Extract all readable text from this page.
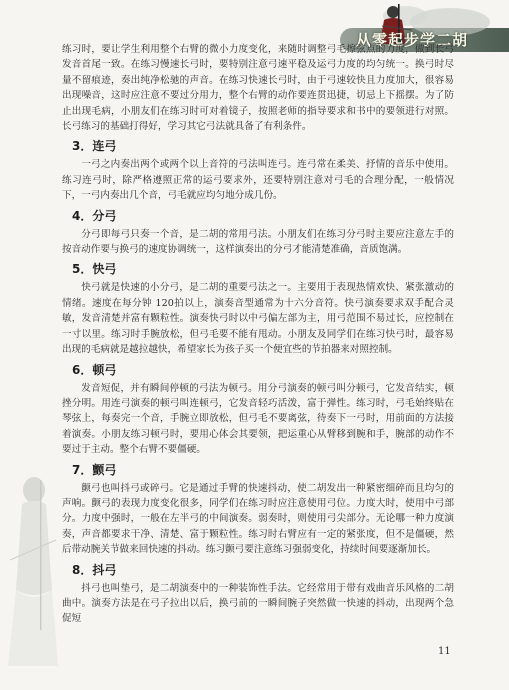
从零起步学二胡

练习时，要让学生利用整个右臂的微小力度变化，来随时调整弓毛擦弦点的力度，做到长弓发音首尾一致。在练习慢速长弓时，要特别注意弓速平稳及运弓力度的均匀统一。换弓时尽量不留痕迹，奏出纯净松驰的声音。在练习快速长弓时，由于弓速较快且力度加大，很容易出现噪音，这时应注意不要过分用力，整个右臂的动作要连贯迅捷，切忌上下摇摆。为了防止出现毛病，小朋友们在练习时可对着镜子，按照老师的指导要求和书中的要领进行对照。长弓练习的基础打得好，学习其它弓法就具备了有利条件。

3．连弓

一弓之内奏出两个或两个以上音符的弓法叫连弓。连弓常在柔美、抒情的音乐中使用。练习连弓时，除严格遵照正常的运弓要求外，还要特别注意对弓毛的合理分配，一般情况下，一弓内奏出几个音，弓毛就应均匀地分成几份。

4．分弓

分弓即每弓只奏一个音，是二胡的常用弓法。小朋友们在练习分弓时主要应注意左手的按音动作要与换弓的速度协调统一，这样演奏出的分弓才能清楚准确，音质饱满。

5．快弓

快弓就是快速的小分弓，是二胡的重要弓法之一。主要用于表现热情欢快、紧张激动的情绪。速度在每分钟 120拍以上，演奏音型通常为十六分音符。快弓演奏要求双手配合灵敏，发音清楚并富有颗粒性。演奏快弓时以中弓偏左部为主，用弓范围不易过长，应控制在一寸以里。练习时手腕放松，但弓毛要不能有甩动。小朋友及同学们在练习快弓时，最容易出现的毛病就是越拉越快，希望家长为孩子买一个便宜些的节拍器来对照控制。

6．顿弓

发音短促，并有瞬间停顿的弓法为顿弓。用分弓演奏的顿弓叫分顿弓，它发音结实，顿挫分明。用连弓演奏的顿弓叫连顿弓，它发音轻巧活泼，富于弹性。练习时，弓毛始终贴在琴弦上，每奏完一个音，手腕立即放松，但弓毛不要离弦，待奏下一弓时，用前面的方法接着演奏。小朋友练习顿弓时，要用心体会其要领，把运重心从臂移到腕和手，腕部的动作不要过于主动。整个右臂不要僵硬。

7．颤弓

颤弓也叫抖弓或碎弓。它是通过手臂的快速抖动，使二胡发出一种紧密细碎而且均匀的声响。颤弓的表现力度变化很多，同学们在练习时应注意使用弓位。力度大时，使用中弓部分。力度中强时，一般在左半弓的中间演奏。弱奏时，则使用弓尖部分。无论哪一种力度演奏，声音都要求干净、清楚、富于颗粒性。练习时右臂应有一定的紧张度，但不是僵硬，然后带动腕关节做来回快速的抖动。练习颤弓要注意练习强弱变化，持续时间要逐渐加长。

8．抖弓

抖弓也叫垫弓，是二胡演奏中的一种装饰性手法。它经常用于带有戏曲音乐风格的二胡曲中。演奏方法是在弓子拉出以后，换弓前的一瞬间腕子突然做一快速的抖动，出现两个急促短

11
